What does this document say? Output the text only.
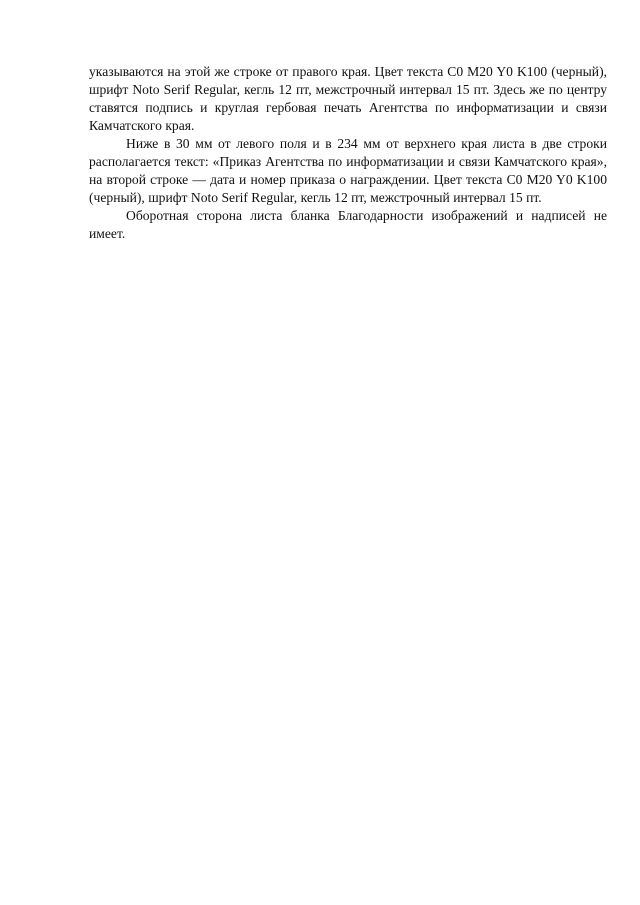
указываются на этой же строке от правого края. Цвет текста C0 M20 Y0 K100 (черный), шрифт Noto Serif Regular, кегль 12 пт, межстрочный интервал 15 пт. Здесь же по центру ставятся подпись и круглая гербовая печать Агентства по информатизации и связи Камчатского края.

Ниже в 30 мм от левого поля и в 234 мм от верхнего края листа в две строки располагается текст: «Приказ Агентства по информатизации и связи Камчатского края», на второй строке — дата и номер приказа о награждении. Цвет текста C0 M20 Y0 K100 (черный), шрифт Noto Serif Regular, кегль 12 пт, межстрочный интервал 15 пт.

Оборотная сторона листа бланка Благодарности изображений и надписей не имеет.
